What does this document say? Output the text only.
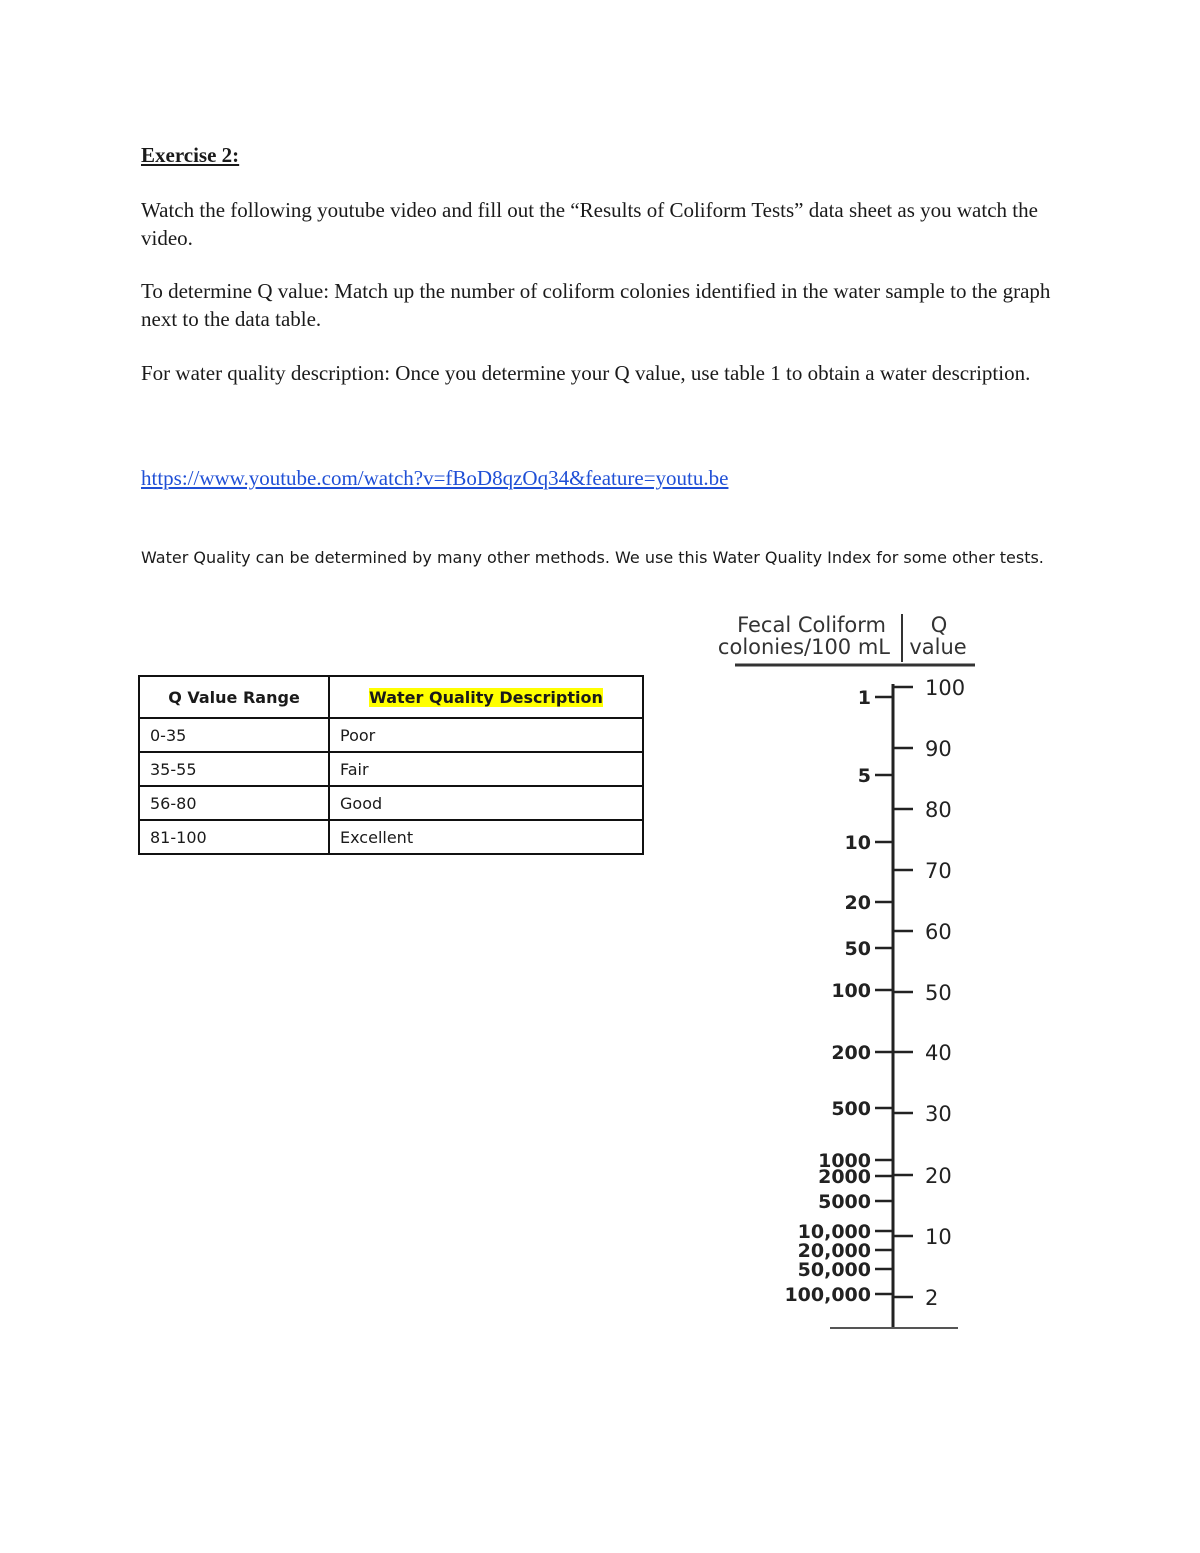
Exercise 2:
Watch the following youtube video and fill out the “Results of Coliform Tests” data sheet as you watch the video.
To determine Q value: Match up the number of coliform colonies identified in the water sample to the graph next to the data table.
For water quality description: Once you determine your Q value, use table 1 to obtain a water description.
https://www.youtube.com/watch?v=fBoD8qzOq34&feature=youtu.be
Water Quality can be determined by many other methods. We use this Water Quality Index for some other tests.
Q Value Range	Water Quality Description
0-35	Poor
35-55	Fair
56-80	Good
81-100	Excellent
Fecal Coliform
colonies/100 mL
Q
value
1
5
10
20
50
100
200
500
1000
2000
5000
10,000
20,000
50,000
100,000
100
90
80
70
60
50
40
30
20
10
2
